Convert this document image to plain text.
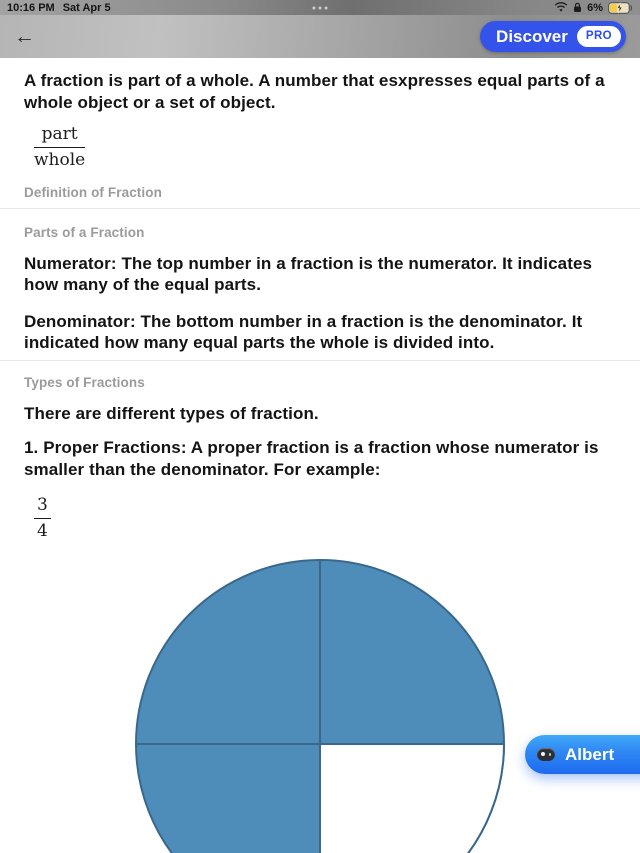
10:16 PM Sat Apr 5	6%
←	Discover	PRO

A fraction is part of a whole. A number that esxpresses equal parts of a whole object or a set of object.

$\frac{\text{part}}{\text{whole}}$
Definition of Fraction
Parts of a Fraction

Numerator: The top number in a fraction is the numerator. It indicates how many of the equal parts.

Denominator: The bottom number in a fraction is the denominator. It indicated how many equal parts the whole is divided into.

Types of Fractions

There are different types of fraction.

1. Proper Fractions: A proper fraction is a fraction whose numerator is smaller than the denominator. For example:

$\frac{3}{4}$
Albert
